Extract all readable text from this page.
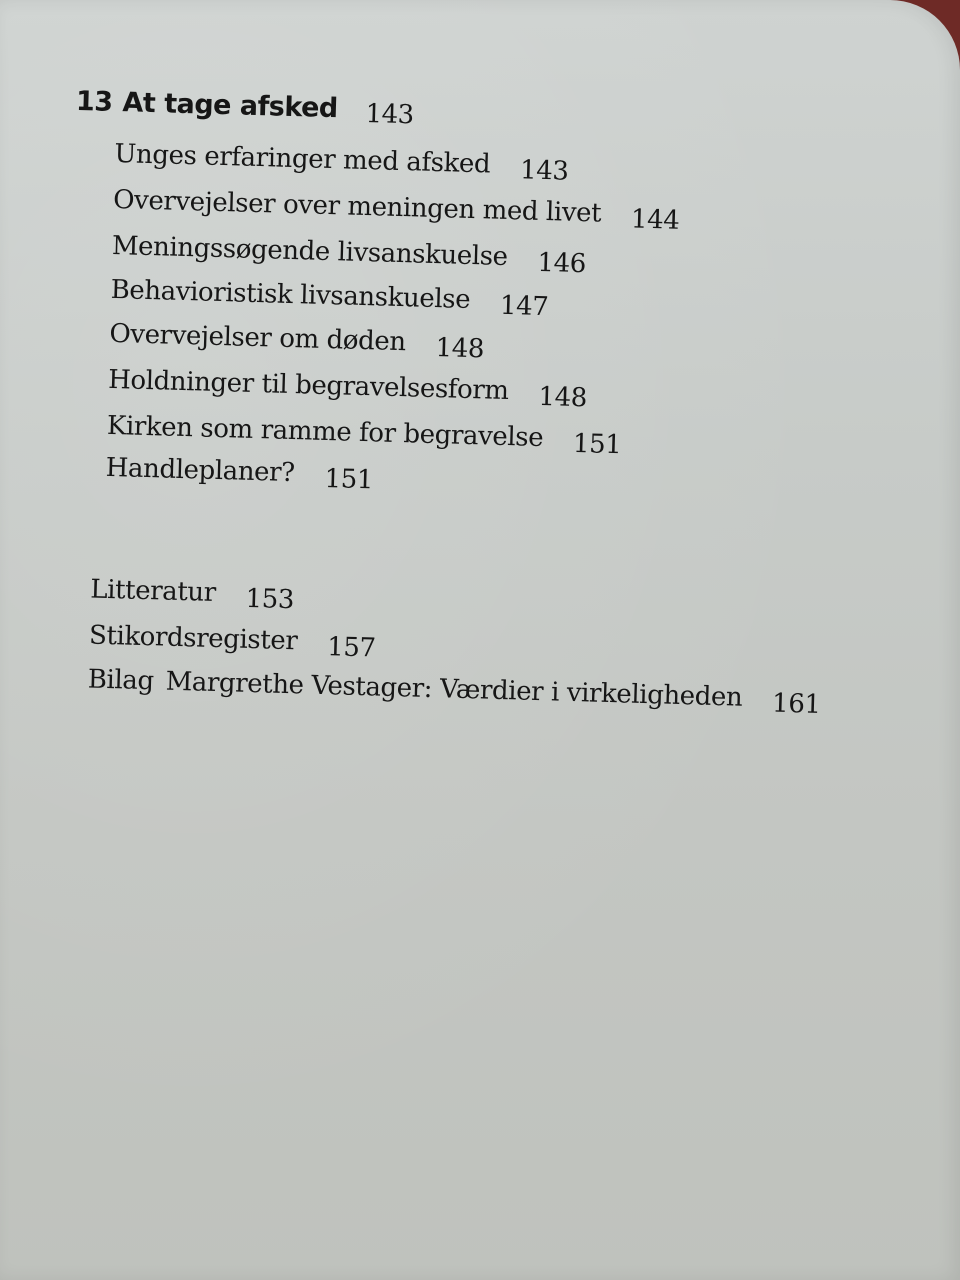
13 At tage afsked 143
Unges erfaringer med afsked 143
Overvejelser over meningen med livet 144
Meningssøgende livsanskuelse 146
Behavioristisk livsanskuelse 147
Overvejelser om døden 148
Holdninger til begravelsesform 148
Kirken som ramme for begravelse 151
Handleplaner? 151
Litteratur 153
Stikordsregister 157
Bilag Margrethe Vestager: Værdier i virkeligheden 161
